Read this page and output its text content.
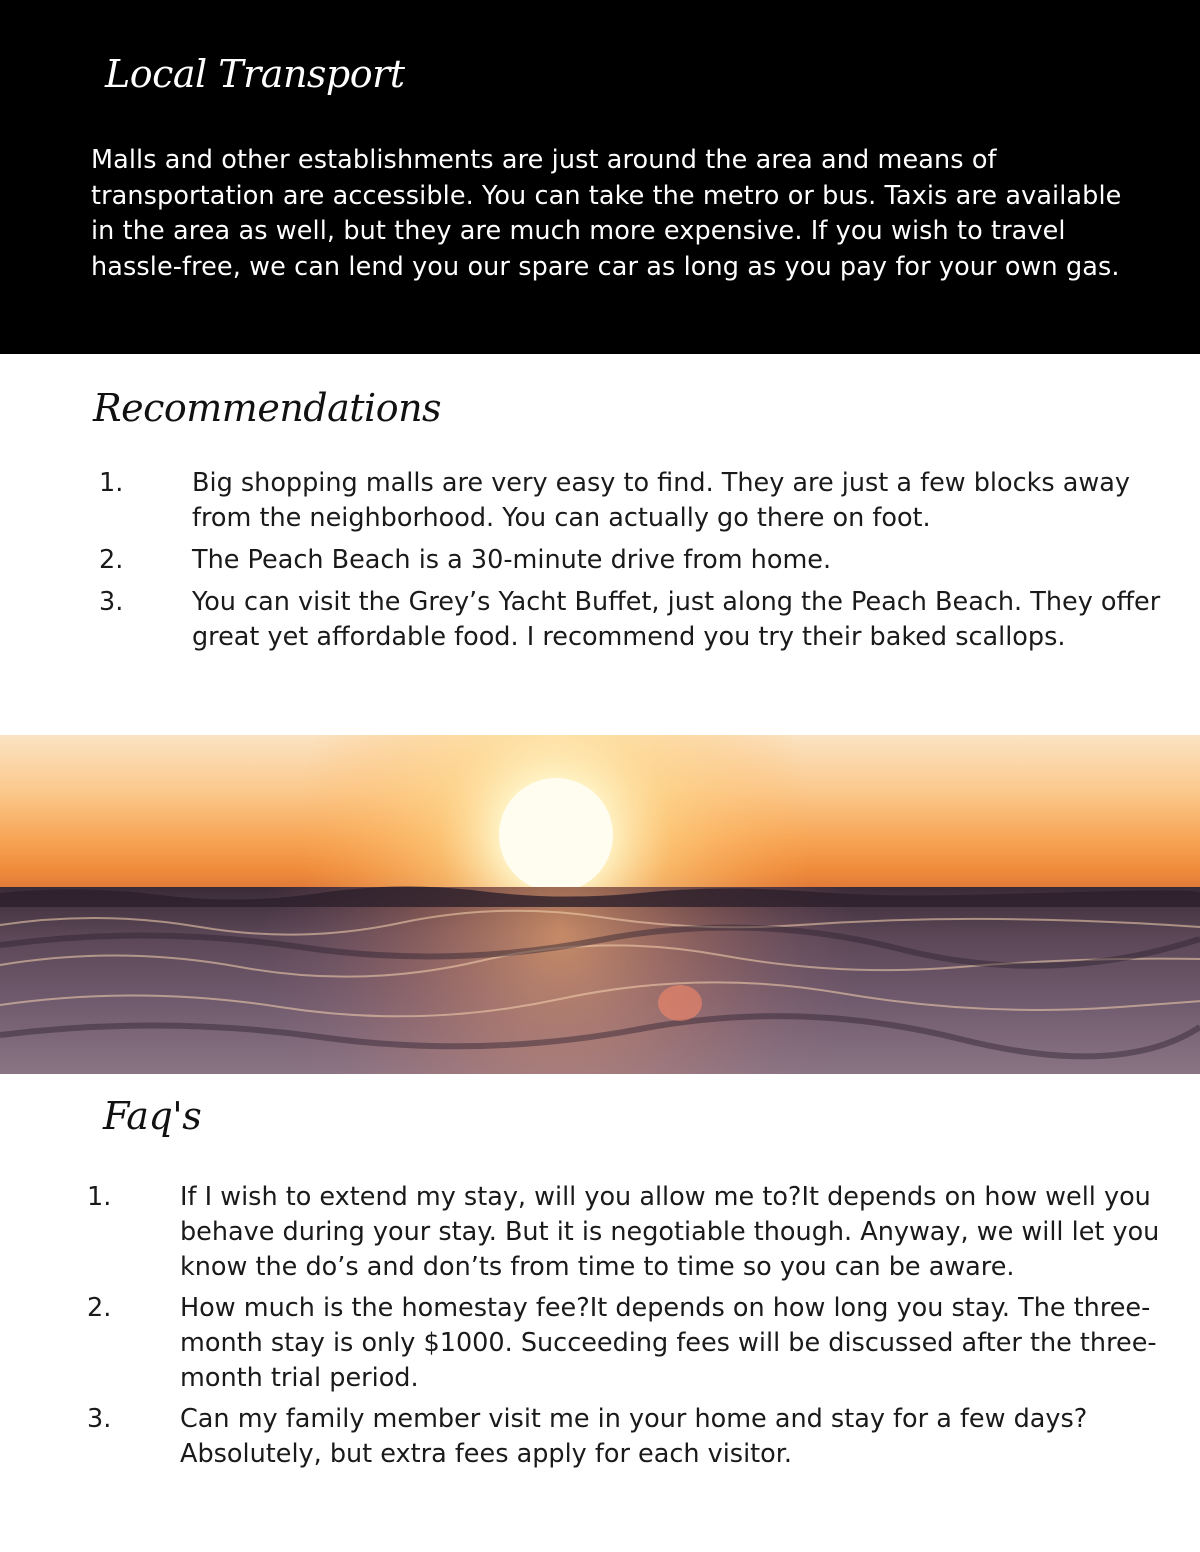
Local Transport

Malls and other establishments are just around the area and means of transportation are accessible. You can take the metro or bus. Taxis are available in the area as well, but they are much more expensive. If you wish to travel hassle-free, we can lend you our spare car as long as you pay for your own gas.

Recommendations
1.	Big shopping malls are very easy to find. They are just a few blocks away from the neighborhood. You can actually go there on foot.
2.	The Peach Beach is a 30-minute drive from home.
3.	You can visit the Grey’s Yacht Buffet, just along the Peach Beach. They offer great yet affordable food. I recommend you try their baked scallops.
Faq's
1.	If I wish to extend my stay, will you allow me to?It depends on how well you behave during your stay. But it is negotiable though. Anyway, we will let you know the do’s and don’ts from time to time so you can be aware.
2.	How much is the homestay fee?It depends on how long you stay. The three-month stay is only $1000. Succeeding fees will be discussed after the three-month trial period.
3.	Can my family member visit me in your home and stay for a few days?Absolutely, but extra fees apply for each visitor.
